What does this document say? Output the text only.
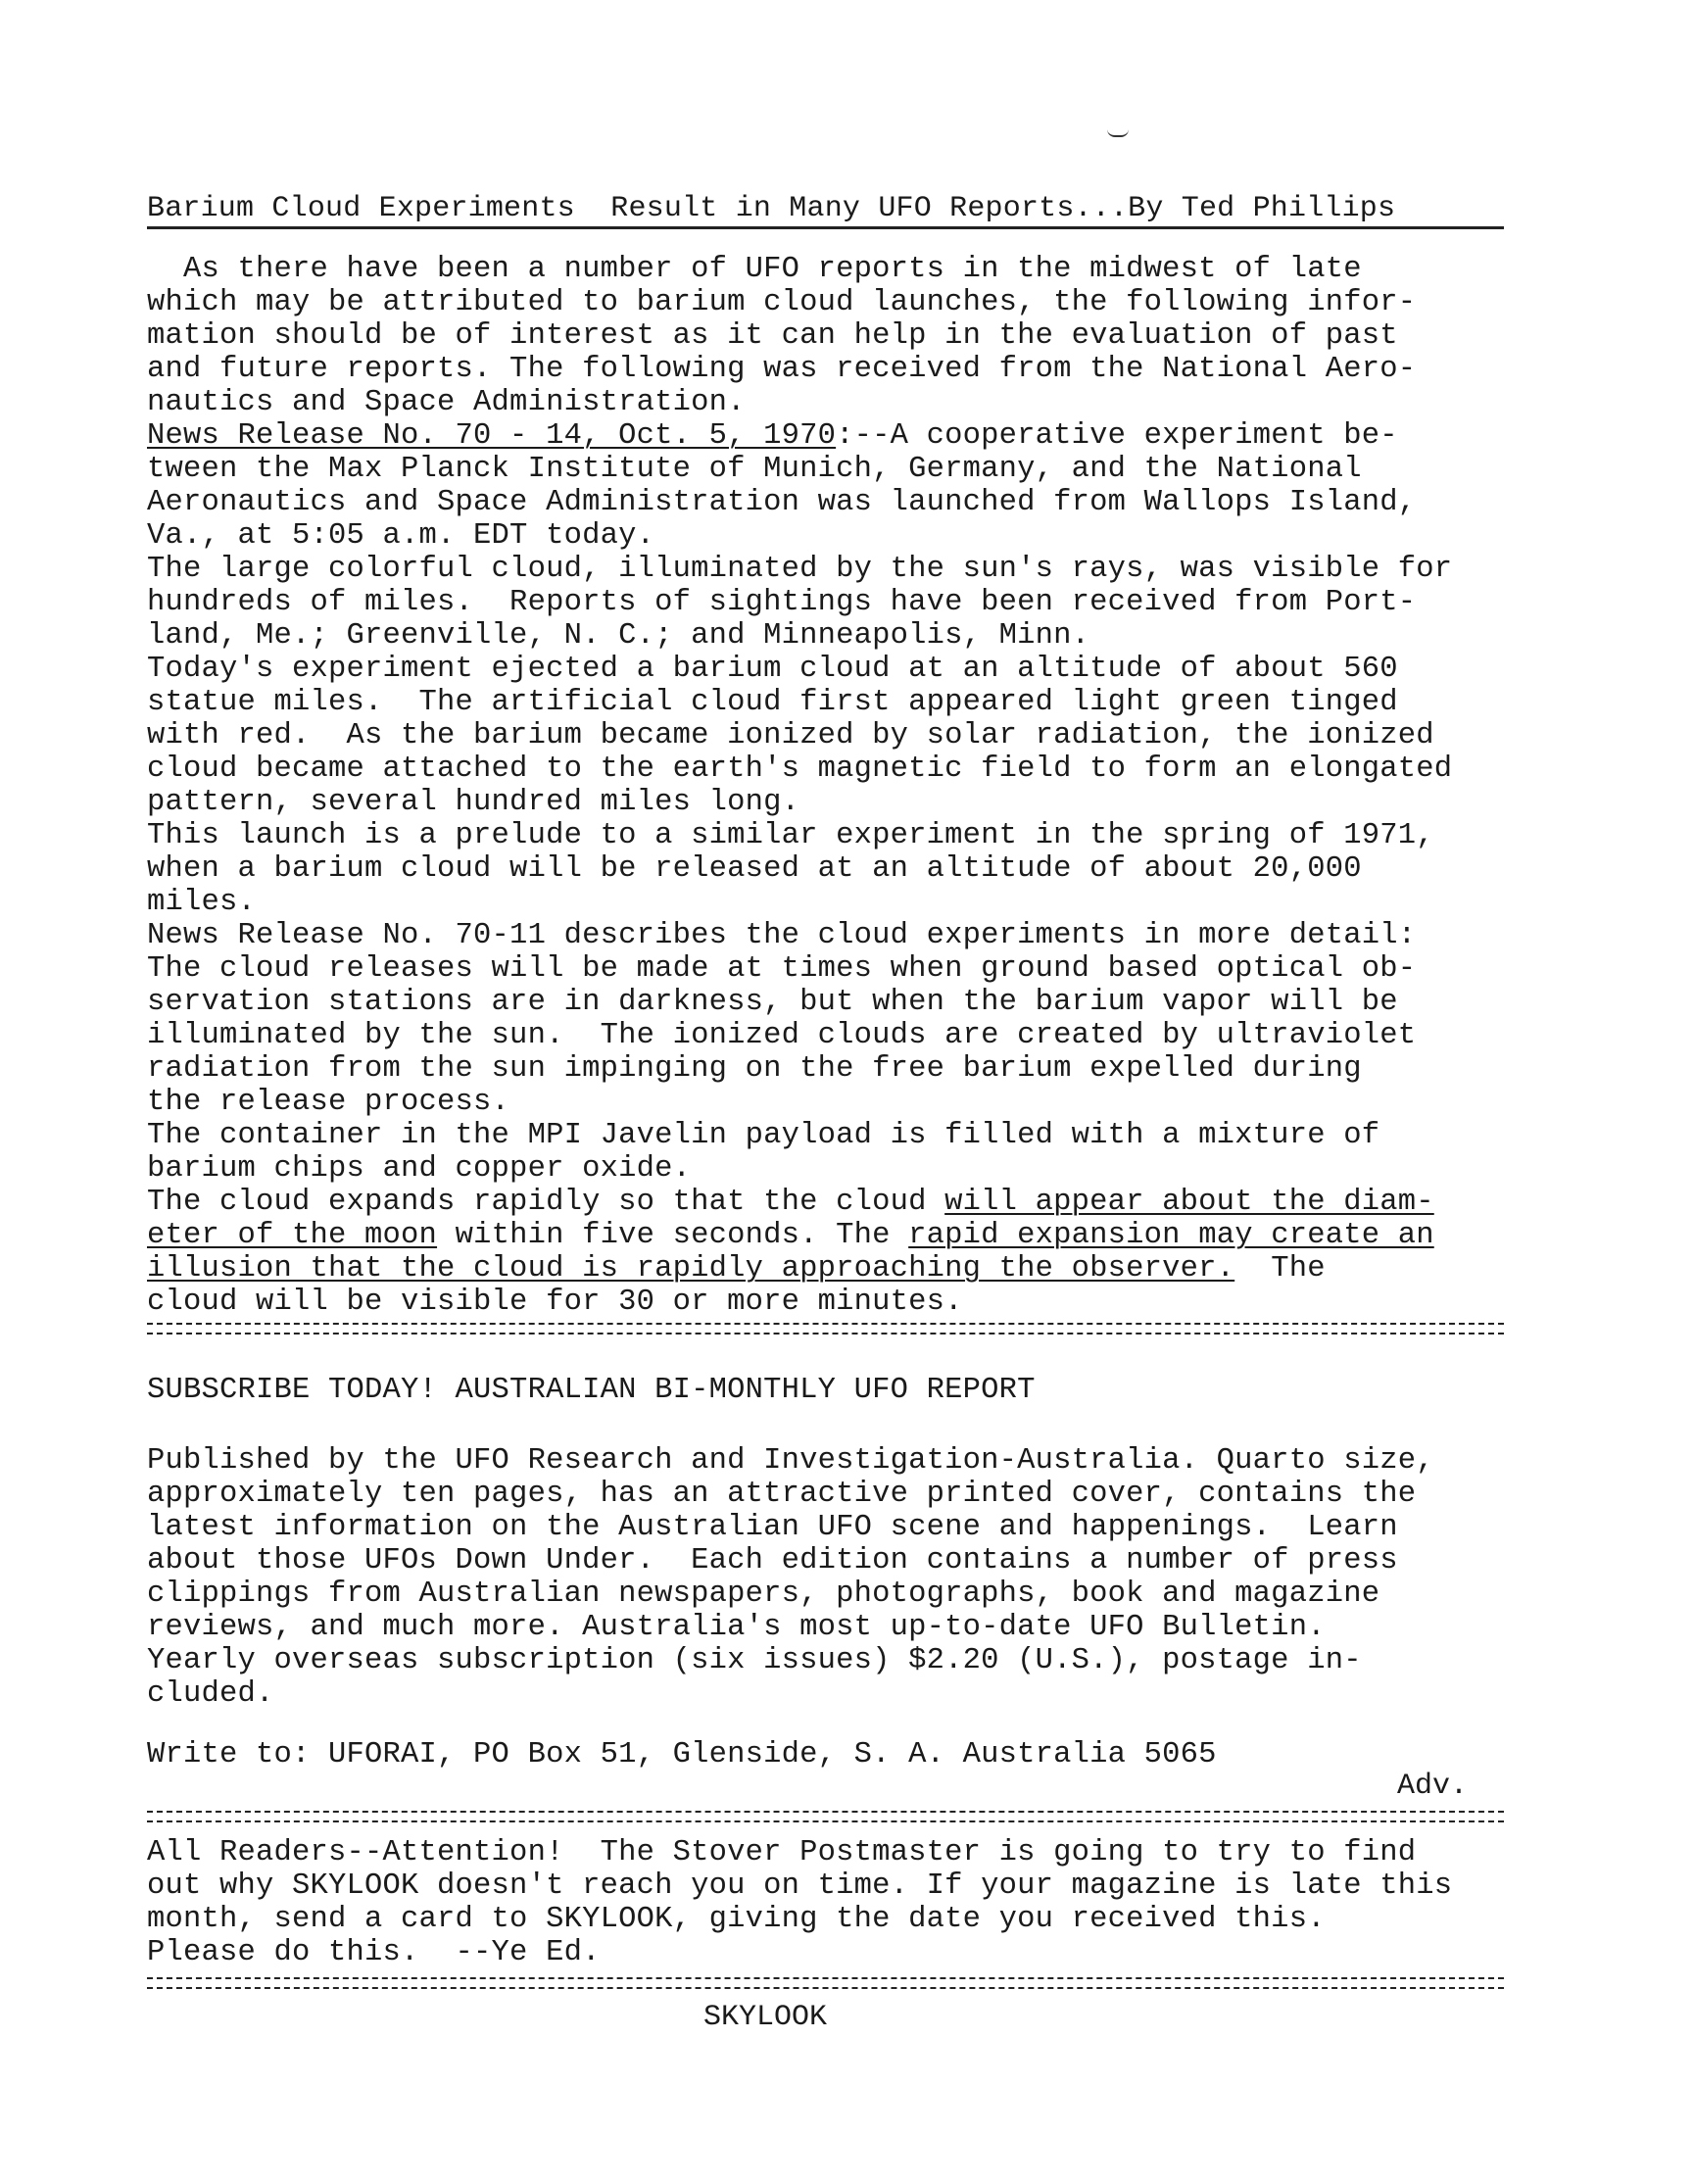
Barium Cloud Experiments  Result in Many UFO Reports...By Ted Phillips
As there have been a number of UFO reports in the midwest of late
which may be attributed to barium cloud launches, the following infor-
mation should be of interest as it can help in the evaluation of past
and future reports. The following was received from the National Aero-
nautics and Space Administration.
News Release No. 70 - 14, Oct. 5, 1970:--A cooperative experiment be-
tween the Max Planck Institute of Munich, Germany, and the National
Aeronautics and Space Administration was launched from Wallops Island,
Va., at 5:05 a.m. EDT today.
The large colorful cloud, illuminated by the sun's rays, was visible for
hundreds of miles.  Reports of sightings have been received from Port-
land, Me.; Greenville, N. C.; and Minneapolis, Minn.
Today's experiment ejected a barium cloud at an altitude of about 560
statue miles.  The artificial cloud first appeared light green tinged
with red.  As the barium became ionized by solar radiation, the ionized
cloud became attached to the earth's magnetic field to form an elongated
pattern, several hundred miles long.
This launch is a prelude to a similar experiment in the spring of 1971,
when a barium cloud will be released at an altitude of about 20,000
miles.
News Release No. 70-11 describes the cloud experiments in more detail:
The cloud releases will be made at times when ground based optical ob-
servation stations are in darkness, but when the barium vapor will be
illuminated by the sun.  The ionized clouds are created by ultraviolet
radiation from the sun impinging on the free barium expelled during
the release process.
The container in the MPI Javelin payload is filled with a mixture of
barium chips and copper oxide.
The cloud expands rapidly so that the cloud will appear about the diam-
eter of the moon within five seconds. The rapid expansion may create an
illusion that the cloud is rapidly approaching the observer.  The
cloud will be visible for 30 or more minutes.
SUBSCRIBE TODAY! AUSTRALIAN BI-MONTHLY UFO REPORT
Published by the UFO Research and Investigation-Australia. Quarto size,
approximately ten pages, has an attractive printed cover, contains the
latest information on the Australian UFO scene and happenings.  Learn
about those UFOs Down Under.  Each edition contains a number of press
clippings from Australian newspapers, photographs, book and magazine
reviews, and much more. Australia's most up-to-date UFO Bulletin.
Yearly overseas subscription (six issues) $2.20 (U.S.), postage in-
cluded.
Write to: UFORAI, PO Box 51, Glenside, S. A. Australia 5065
Adv.
All Readers--Attention!  The Stover Postmaster is going to try to find
out why SKYLOOK doesn't reach you on time. If your magazine is late this
month, send a card to SKYLOOK, giving the date you received this.
Please do this.  --Ye Ed.
SKYLOOK
